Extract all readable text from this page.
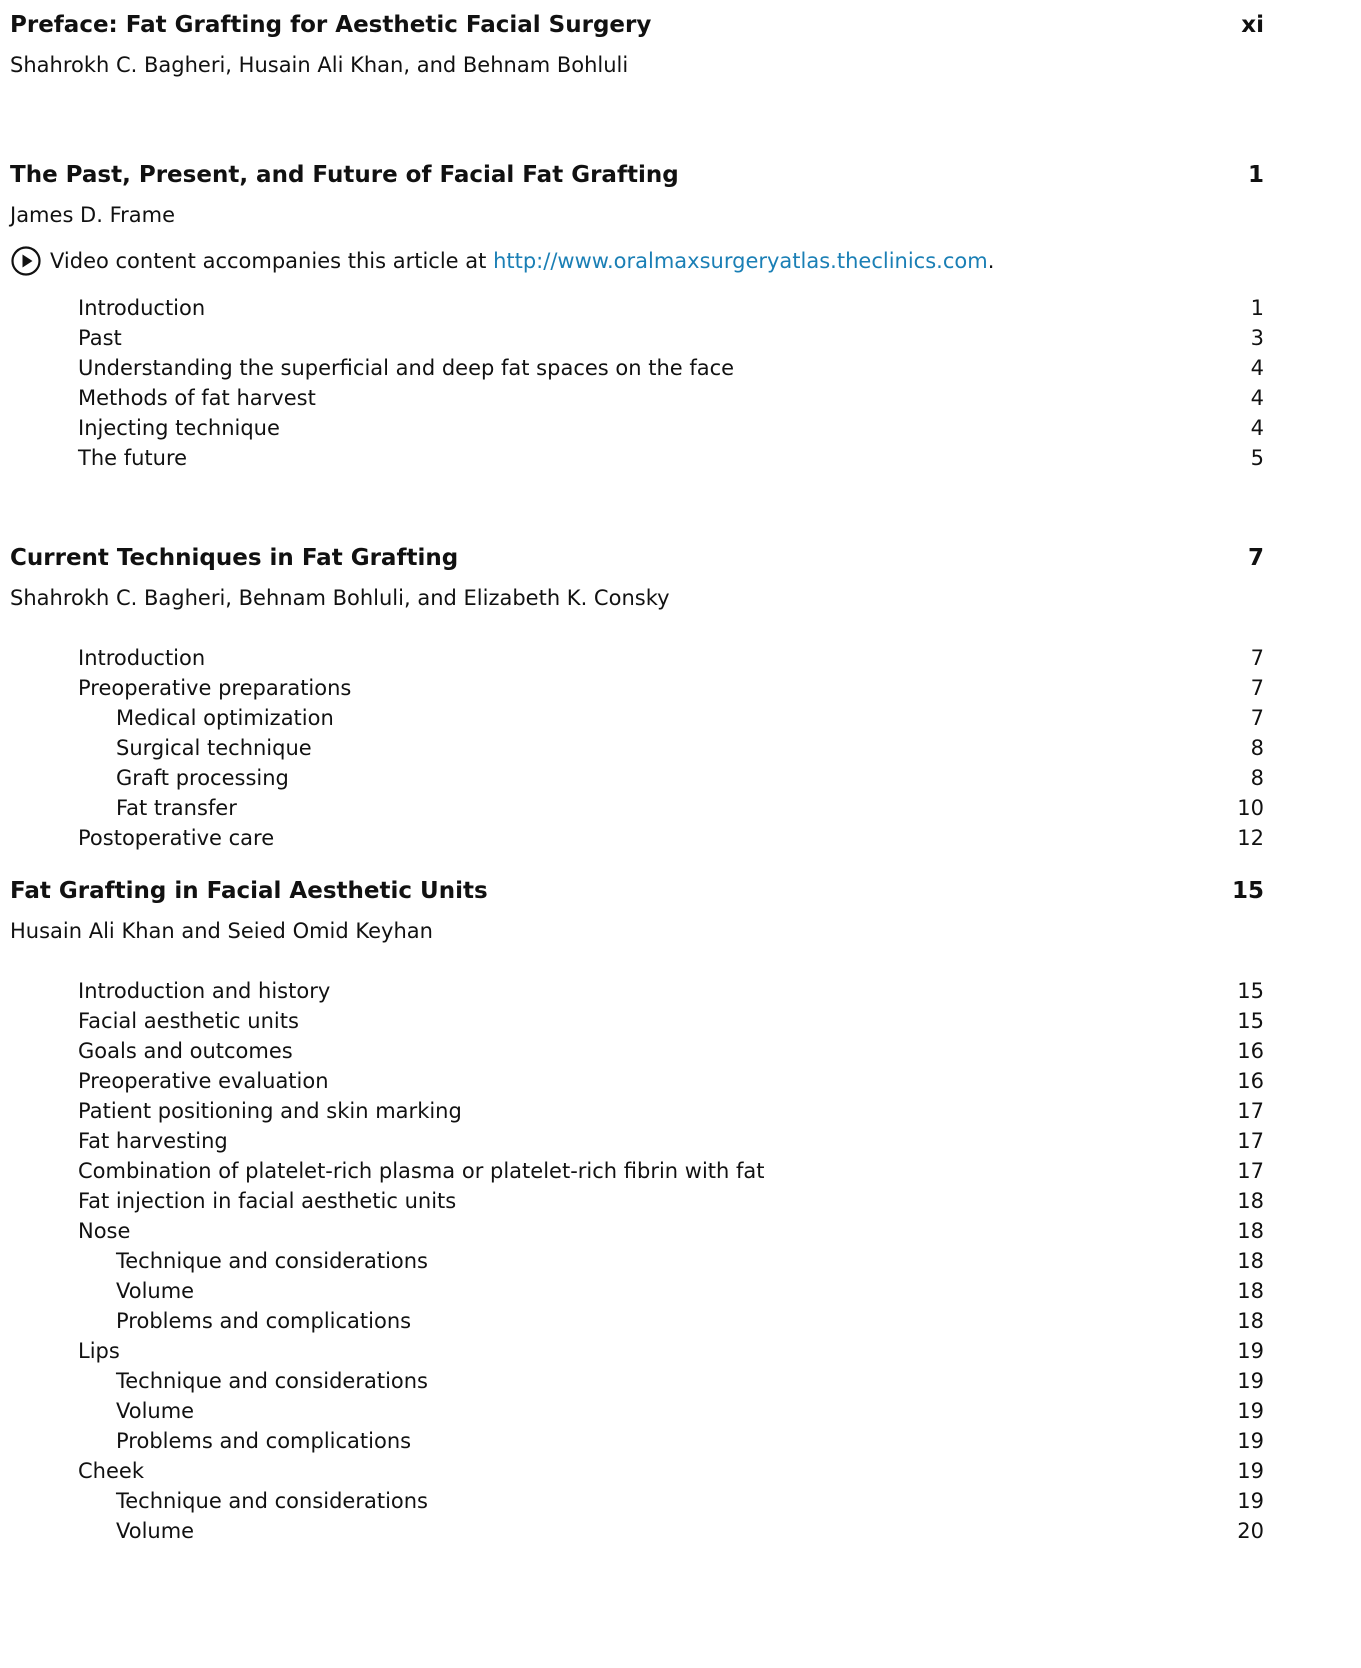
Preface: Fat Grafting for Aesthetic Facial Surgery	xi
Shahrokh C. Bagheri, Husain Ali Khan, and Behnam Bohluli
The Past, Present, and Future of Facial Fat Grafting	1
James D. Frame
Video content accompanies this article at http://www.oralmaxsurgeryatlas.theclinics.com .
Introduction	1
Past	3
Understanding the superficial and deep fat spaces on the face	4
Methods of fat harvest	4
Injecting technique	4
The future	5
Current Techniques in Fat Grafting	7
Shahrokh C. Bagheri, Behnam Bohluli, and Elizabeth K. Consky
Introduction	7
Preoperative preparations	7
Medical optimization	7
Surgical technique	8
Graft processing	8
Fat transfer	10
Postoperative care	12
Fat Grafting in Facial Aesthetic Units	15
Husain Ali Khan and Seied Omid Keyhan
Introduction and history	15
Facial aesthetic units	15
Goals and outcomes	16
Preoperative evaluation	16
Patient positioning and skin marking	17
Fat harvesting	17
Combination of platelet-rich plasma or platelet-rich fibrin with fat	17
Fat injection in facial aesthetic units	18
Nose	18
Technique and considerations	18
Volume	18
Problems and complications	18
Lips	19
Technique and considerations	19
Volume	19
Problems and complications	19
Cheek	19
Technique and considerations	19
Volume	20
